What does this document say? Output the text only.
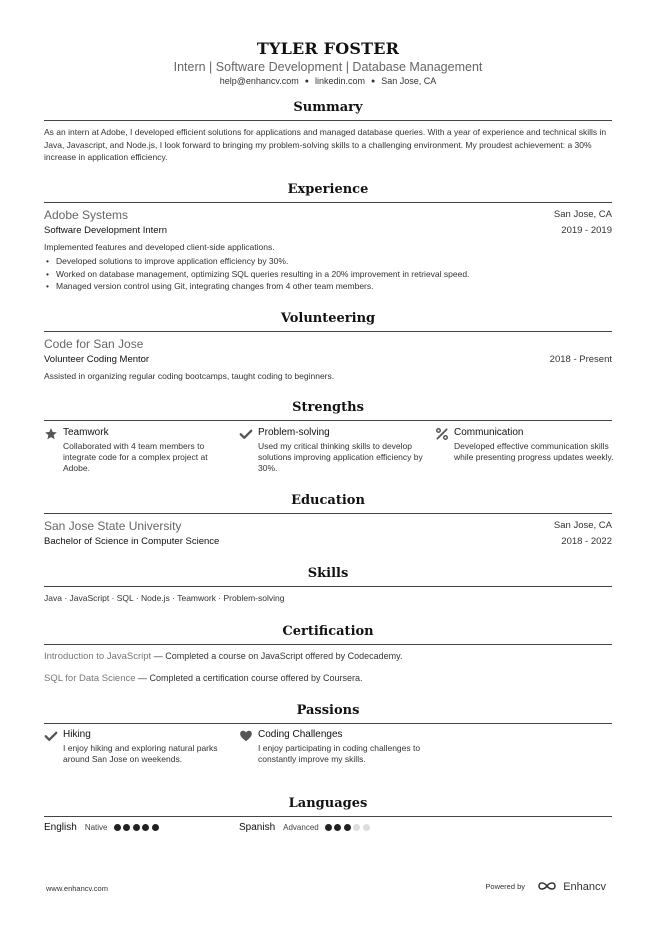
TYLER FOSTER
Intern | Software Development | Database Management
help@enhancv.com ● linkedin.com ● San Jose, CA
Summary
As an intern at Adobe, I developed efficient solutions for applications and managed database queries. With a year of experience and technical skills in Java, Javascript, and Node.js, I look forward to bringing my problem-solving skills to a challenging environment. My proudest achievement: a 30% increase in application efficiency.
Experience
Adobe Systems	San Jose, CA
Software Development Intern	2019 - 2019
Implemented features and developed client-side applications.
• Developed solutions to improve application efficiency by 30%.
• Worked on database management, optimizing SQL queries resulting in a 20% improvement in retrieval speed.
• Managed version control using Git, integrating changes from 4 other team members.
Volunteering
Code for San Jose
Volunteer Coding Mentor	2018 - Present
Assisted in organizing regular coding bootcamps, taught coding to beginners.
Strengths
Teamwork
Collaborated with 4 team members to integrate code for a complex project at Adobe.
Problem-solving
Used my critical thinking skills to develop solutions improving application efficiency by 30%.
Communication
Developed effective communication skills while presenting progress updates weekly.
Education
San Jose State University	San Jose, CA
Bachelor of Science in Computer Science	2018 - 2022
Skills
Java · JavaScript · SQL · Node.js · Teamwork · Problem-solving
Certification
Introduction to JavaScript — Completed a course on JavaScript offered by Codecademy.
SQL for Data Science — Completed a certification course offered by Coursera.
Passions
Hiking
I enjoy hiking and exploring natural parks around San Jose on weekends.
Coding Challenges
I enjoy participating in coding challenges to constantly improve my skills.
Languages
English Native	Spanish Advanced
www.enhancv.com	Powered by	Enhancv
